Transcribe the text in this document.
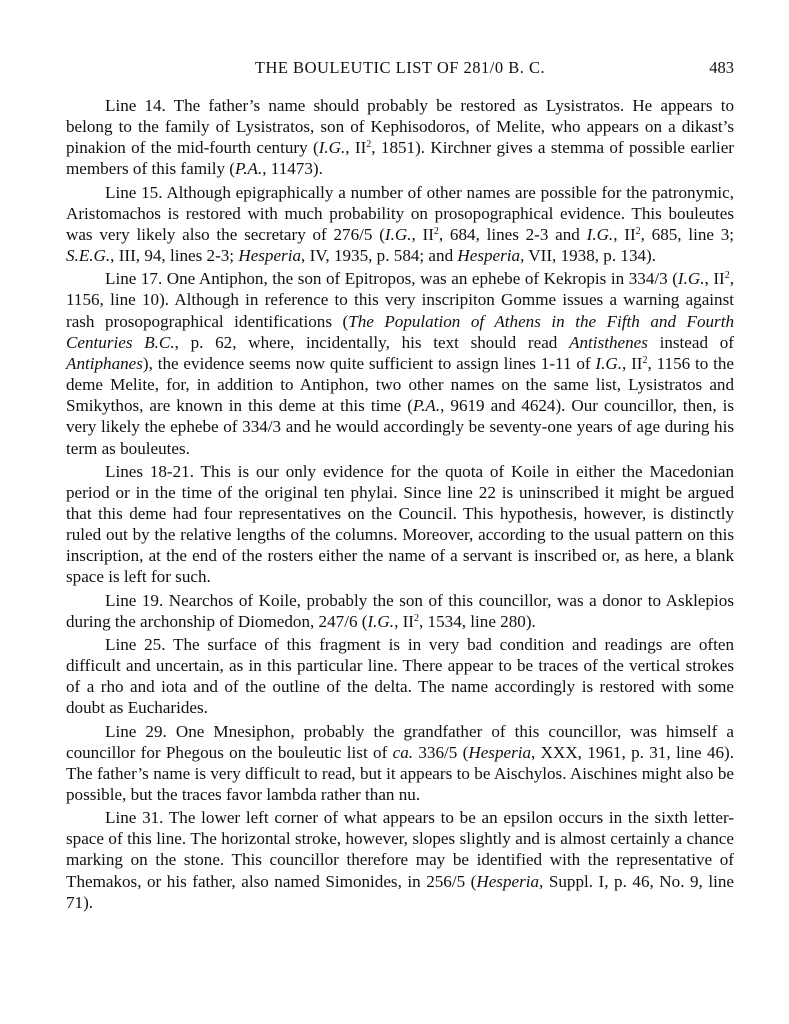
THE BOULEUTIC LIST OF 281/0 B. C.	483

Line 14. The father’s name should probably be restored as Lysistratos. He appears to belong to the family of Lysistratos, son of Kephisodoros, of Melite, who appears on a dikast’s pinakion of the mid-fourth century (I.G., $II^2$, 1851). Kirchner gives a stemma of possible earlier members of this family (P.A., 11473).

Line 15. Although epigraphically a number of other names are possible for the patronymic, Aristomachos is restored with much probability on prosopographical evidence. This bouleutes was very likely also the secretary of 276/5 (I.G., $II^2$, 684, lines 2-3 and I.G., $II^2$, 685, line 3; S.E.G., III, 94, lines 2-3; Hesperia, IV, 1935, p. 584; and Hesperia, VII, 1938, p. 134).

Line 17. One Antiphon, the son of Epitropos, was an ephebe of Kekropis in 334/3 (I.G., $II^2$, 1156, line 10). Although in reference to this very inscripiton Gomme issues a warning against rash prosopographical identifications (The Population of Athens in the Fifth and Fourth Centuries B.C., p. 62, where, incidentally, his text should read Antisthenes instead of Antiphanes), the evidence seems now quite sufficient to assign lines 1-11 of I.G., $II^2$, 1156 to the deme Melite, for, in addition to Antiphon, two other names on the same list, Lysistratos and Smikythos, are known in this deme at this time (P.A., 9619 and 4624). Our councillor, then, is very likely the ephebe of 334/3 and he would accordingly be seventy-one years of age during his term as bouleutes.

Lines 18-21. This is our only evidence for the quota of Koile in either the Macedonian period or in the time of the original ten phylai. Since line 22 is uninscribed it might be argued that this deme had four representatives on the Council. This hypothesis, however, is distinctly ruled out by the relative lengths of the columns. Moreover, according to the usual pattern on this inscription, at the end of the rosters either the name of a servant is inscribed or, as here, a blank space is left for such.

Line 19. Nearchos of Koile, probably the son of this councillor, was a donor to Asklepios during the archonship of Diomedon, 247/6 (I.G., $II^2$, 1534, line 280).

Line 25. The surface of this fragment is in very bad condition and readings are often difficult and uncertain, as in this particular line. There appear to be traces of the vertical strokes of a rho and iota and of the outline of the delta. The name accordingly is restored with some doubt as Eucharides.

Line 29. One Mnesiphon, probably the grandfather of this councillor, was himself a councillor for Phegous on the bouleutic list of ca. 336/5 (Hesperia, XXX, 1961, p. 31, line 46). The father’s name is very difficult to read, but it appears to be Aischylos. Aischines might also be possible, but the traces favor lambda rather than nu.

Line 31. The lower left corner of what appears to be an epsilon occurs in the sixth letter-space of this line. The horizontal stroke, however, slopes slightly and is almost certainly a chance marking on the stone. This councillor therefore may be identified with the representative of Themakos, or his father, also named Simonides, in 256/5 (Hesperia, Suppl. I, p. 46, No. 9, line 71).
